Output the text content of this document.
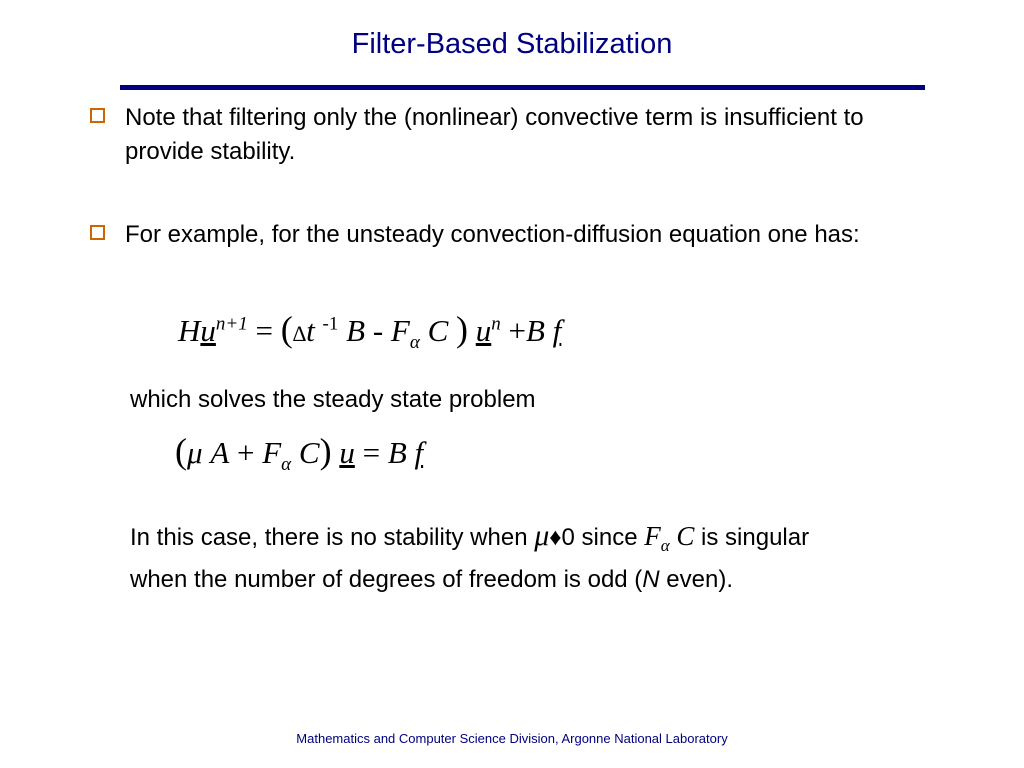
Filter-Based Stabilization
Note that filtering only the (nonlinear) convective term is insufficient to provide stability.
For example, for the unsteady convection-diffusion equation one has:
$Hu^{n+1} = (\Delta t$ $^{-1}$ B - $F_\alpha$ C ) $u^n +B$ f
which solves the steady state problem
(μ $A + F_\alpha$ C) u = B f
In this case, there is no stability when μ♦0 since $F_\alpha$ C is singular
when the number of degrees of freedom is odd (N even).
Mathematics and Computer Science Division, Argonne National Laboratory
